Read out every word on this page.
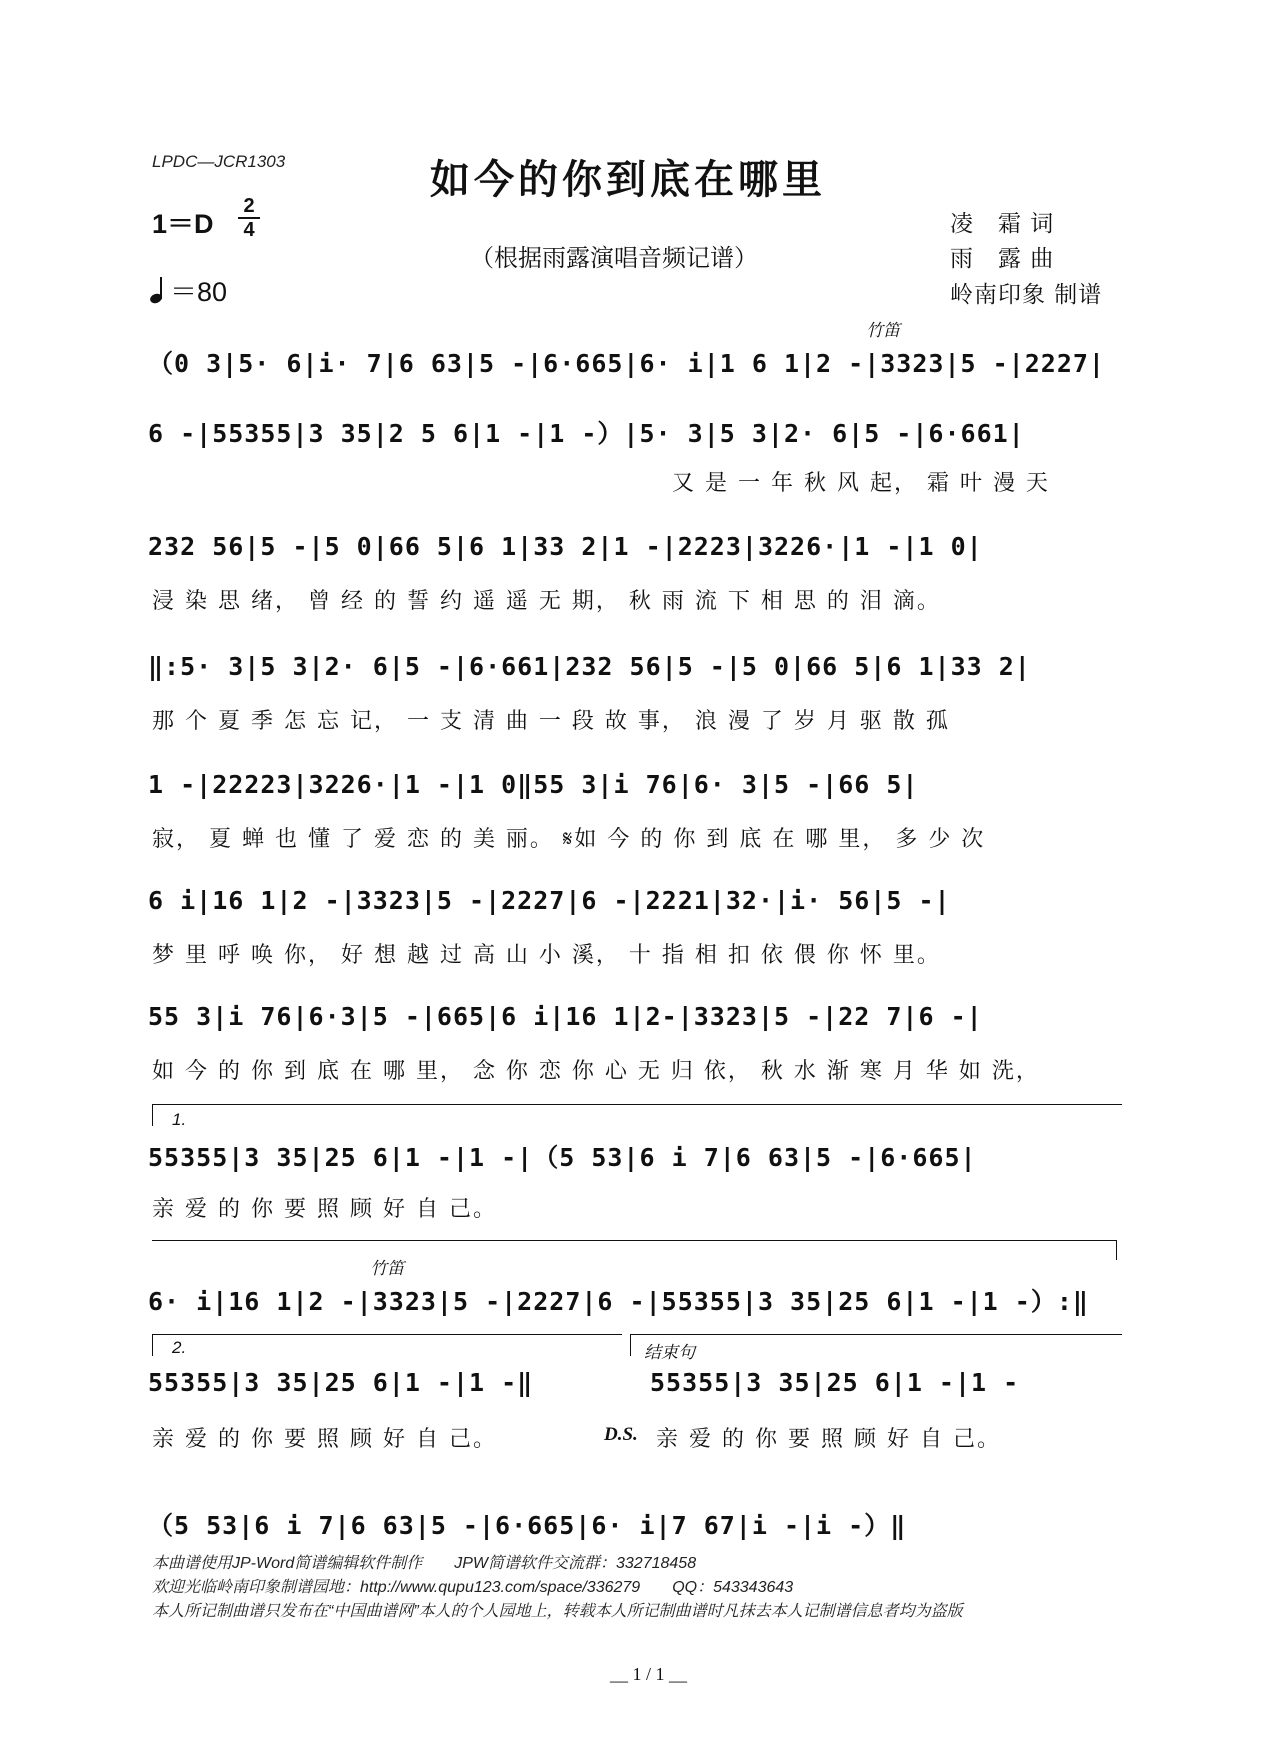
LPDC—JCR1303	如今的你到底在哪里
（根据雨露演唱音频记谱）
1＝D
2
4
＝80
凌　霜 词
雨　露 曲
岭南印象 制谱
竹笛
竹笛
（0 3|5· 6|i· 7|6 63|5 -|6·665|6· i|1 6 1|2 -|3323|5 -|2227|
6 -|55355|3 35|2 5 6|1 -|1 -）|5· 3|5 3|2· 6|5 -|6·661|
又 是 一 年 秋 风 起， 霜 叶 漫 天
232 56|5 -|5 0|66 5|6 1|33 2|1 -|2223|3226·|1 -|1 0|
浸 染 思 绪， 曾 经 的 誓 约 遥 遥 无 期， 秋 雨 流 下 相 思 的 泪 滴。
‖:5· 3|5 3|2· 6|5 -|6·661|232 56|5 -|5 0|66 5|6 1|33 2|
那 个 夏 季 怎 忘 记， 一 支 清 曲 一 段 故 事， 浪 漫 了 岁 月 驱 散 孤
1 -|22223|3226·|1 -|1 0‖55 3|i 76|6· 3|5 -|66 5|
寂， 夏 蝉 也 懂 了 爱 恋 的 美 丽。 𝄋如 今 的 你 到 底 在 哪 里， 多 少 次
6 i|16 1|2 -|3323|5 -|2227|6 -|2221|32·|i· 56|5 -|
梦 里 呼 唤 你， 好 想 越 过 高 山 小 溪， 十 指 相 扣 依 偎 你 怀 里。
55 3|i 76|6·3|5 -|665|6 i|16 1|2-|3323|5 -|22 7|6 -|
如 今 的 你 到 底 在 哪 里， 念 你 恋 你 心 无 归 依， 秋 水 渐 寒 月 华 如 洗，
1.
55355|3 35|25 6|1 -|1 -|（5 53|6 i 7|6 63|5 -|6·665|
亲 爱 的 你 要 照 顾 好 自 己。
6· i|16 1|2 -|3323|5 -|2227|6 -|55355|3 35|25 6|1 -|1 -）:‖
2.	结束句
55355|3 35|25 6|1 -|1 -‖	55355|3 35|25 6|1 -|1 -
亲 爱 的 你 要 照 顾 好 自 己。	D.S. 亲 爱 的 你 要 照 顾 好 自 己。
（5 53|6 i 7|6 63|5 -|6·665|6· i|7 67|i -|i -）‖
本曲谱使用JP-Word简谱编辑软件制作　　JPW简谱软件交流群：332718458
欢迎光临岭南印象制谱园地：http://www.qupu123.com/space/336279　　QQ：543343643
本人所记制曲谱只发布在“中国曲谱网”本人的个人园地上，转载本人所记制曲谱时凡抹去本人记制谱信息者均为盗版
__ 1 / 1 __
